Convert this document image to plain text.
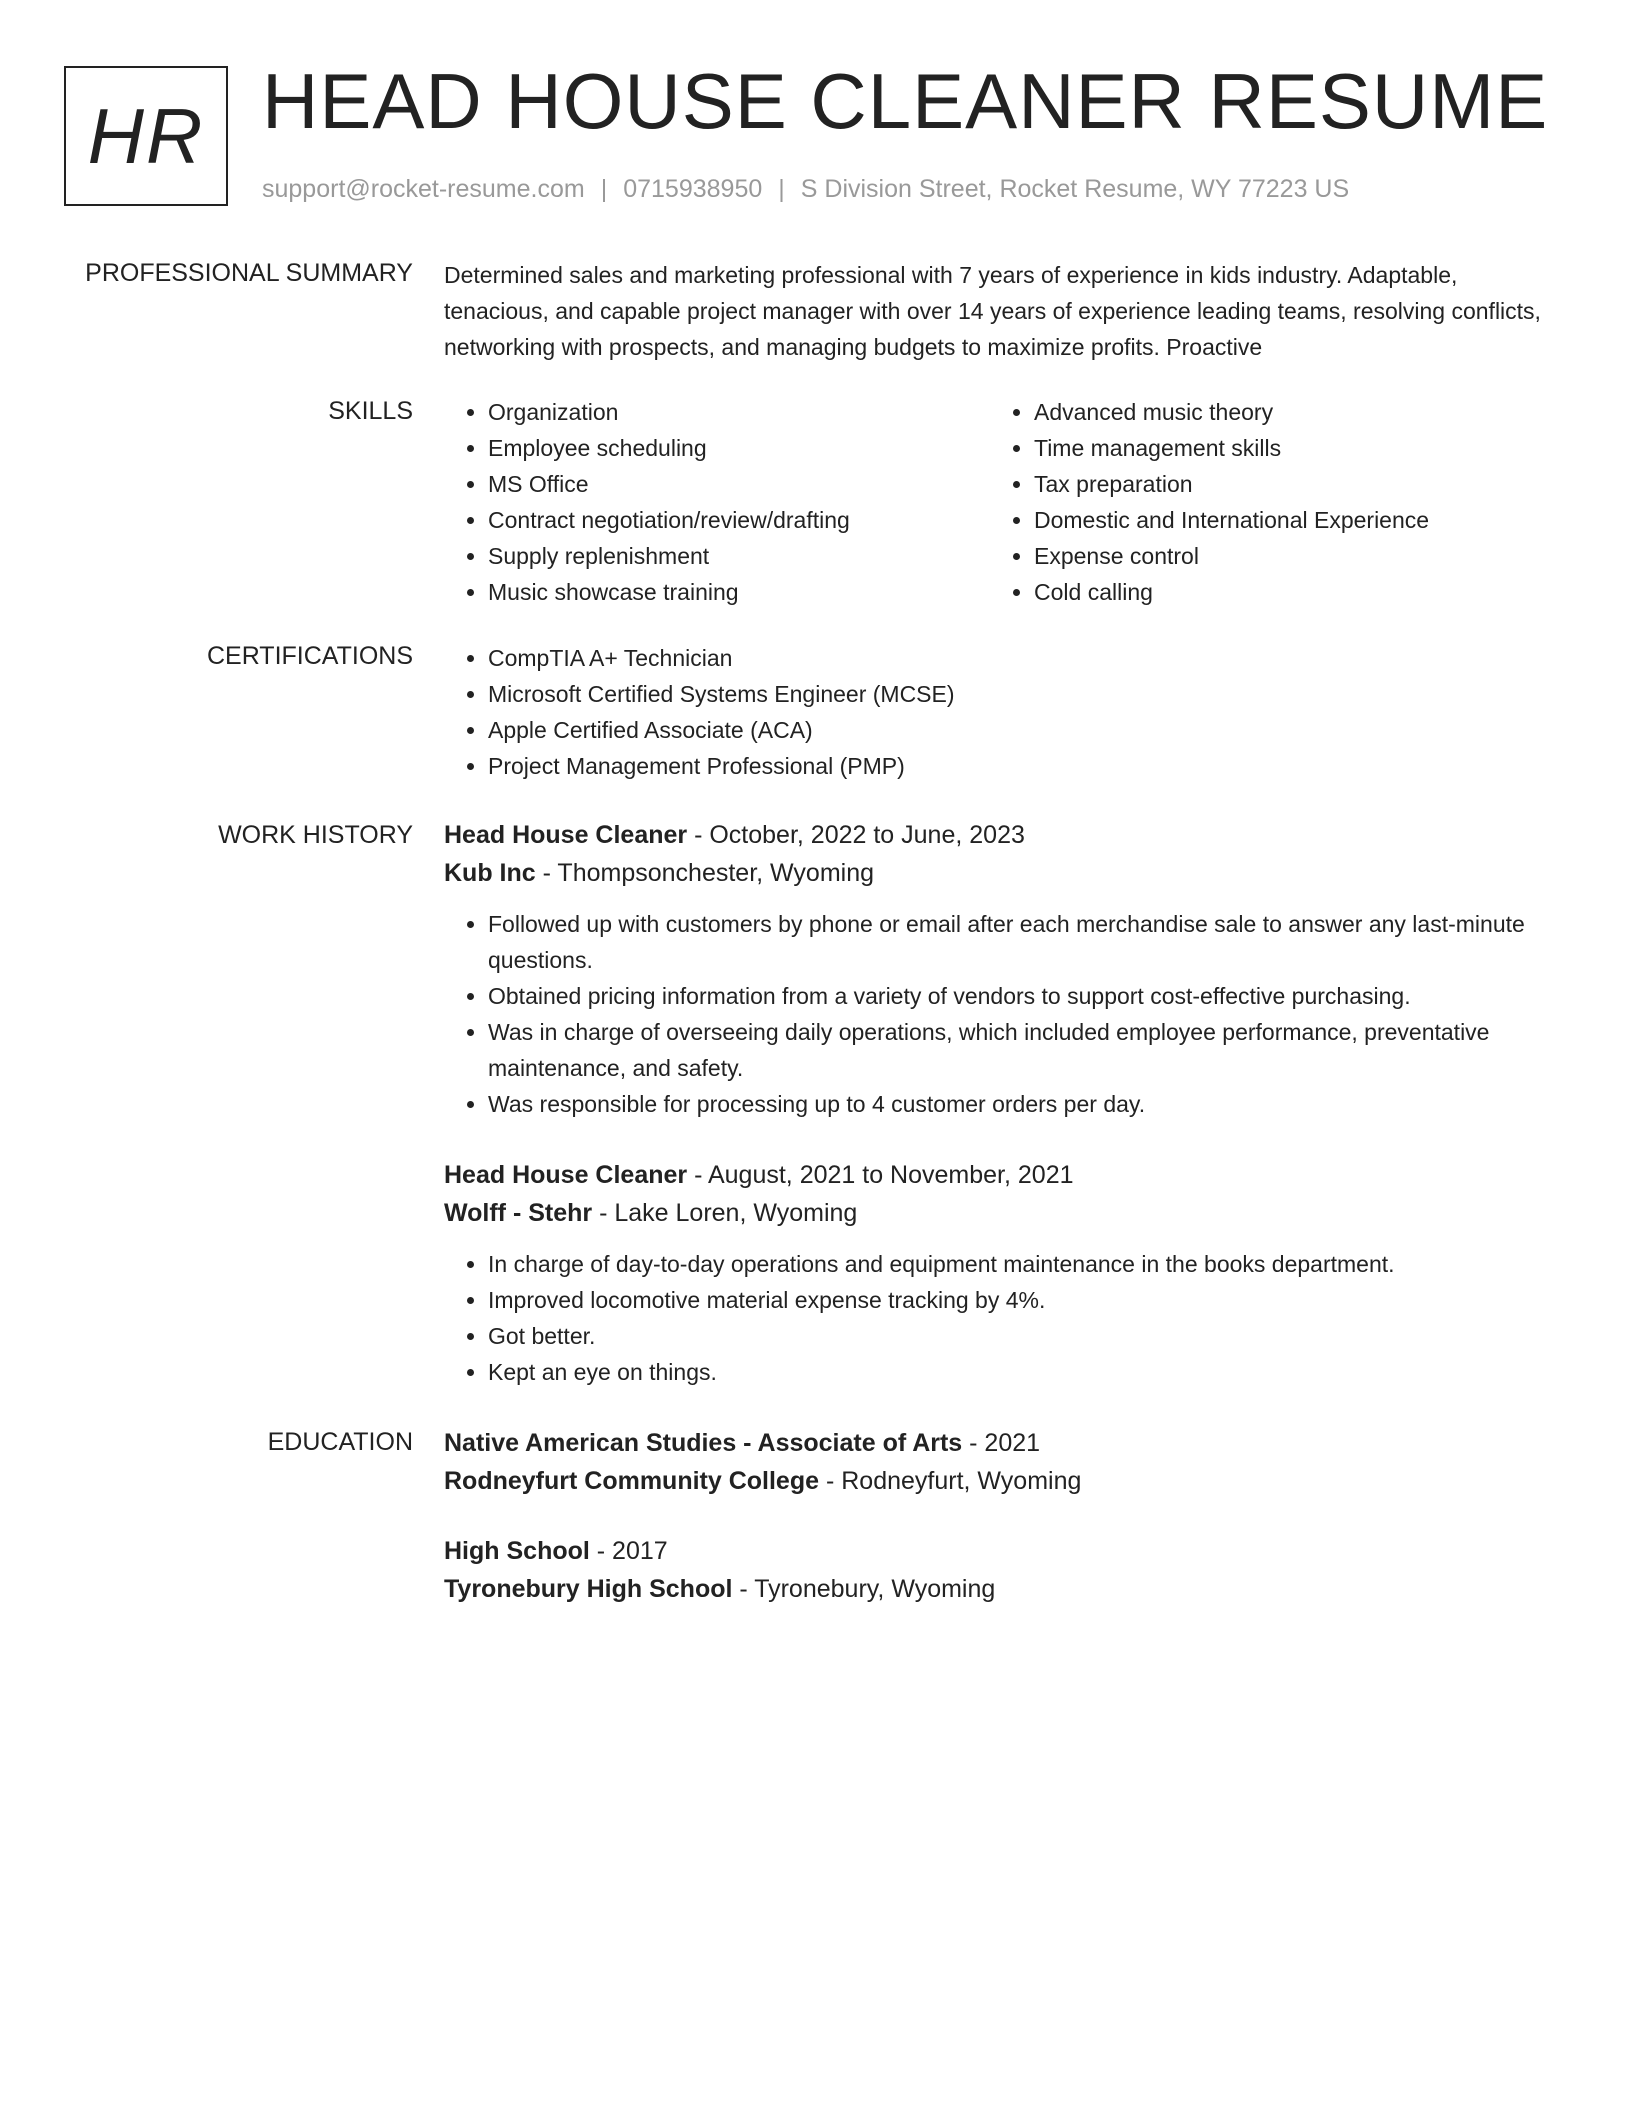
HR HEAD HOUSE CLEANER RESUME
support@rocket-resume.com | 0715938950 | S Division Street, Rocket Resume, WY 77223 US
PROFESSIONAL SUMMARY Determined sales and marketing professional with 7 years of experience in kids industry. Adaptable, tenacious, and capable project manager with over 14 years of experience leading teams, resolving conflicts, networking with prospects, and managing budgets to maximize profits. Proactive
SKILLS	• Organization
• Employee scheduling
• MS Office
• Contract negotiation/review/drafting
• Supply replenishment
• Music showcase training
• Advanced music theory
• Time management skills
• Tax preparation
• Domestic and International Experience
• Expense control
• Cold calling
CERTIFICATIONS	• CompTIA A+ Technician
• Microsoft Certified Systems Engineer (MCSE)
• Apple Certified Associate (ACA)
• Project Management Professional (PMP)
WORK HISTORY Head House Cleaner - October, 2022 to June, 2023
Kub Inc - Thompsonchester, Wyoming
• Followed up with customers by phone or email after each merchandise sale to answer any last-minute questions.
• Obtained pricing information from a variety of vendors to support cost-effective purchasing.
• Was in charge of overseeing daily operations, which included employee performance, preventative maintenance, and safety.
• Was responsible for processing up to 4 customer orders per day.
Head House Cleaner - August, 2021 to November, 2021
Wolff - Stehr - Lake Loren, Wyoming
• In charge of day-to-day operations and equipment maintenance in the books department.
• Improved locomotive material expense tracking by 4%.
• Got better.
• Kept an eye on things.
EDUCATION Native American Studies - Associate of Arts - 2021
Rodneyfurt Community College - Rodneyfurt, Wyoming
High School - 2017
Tyronebury High School - Tyronebury, Wyoming
